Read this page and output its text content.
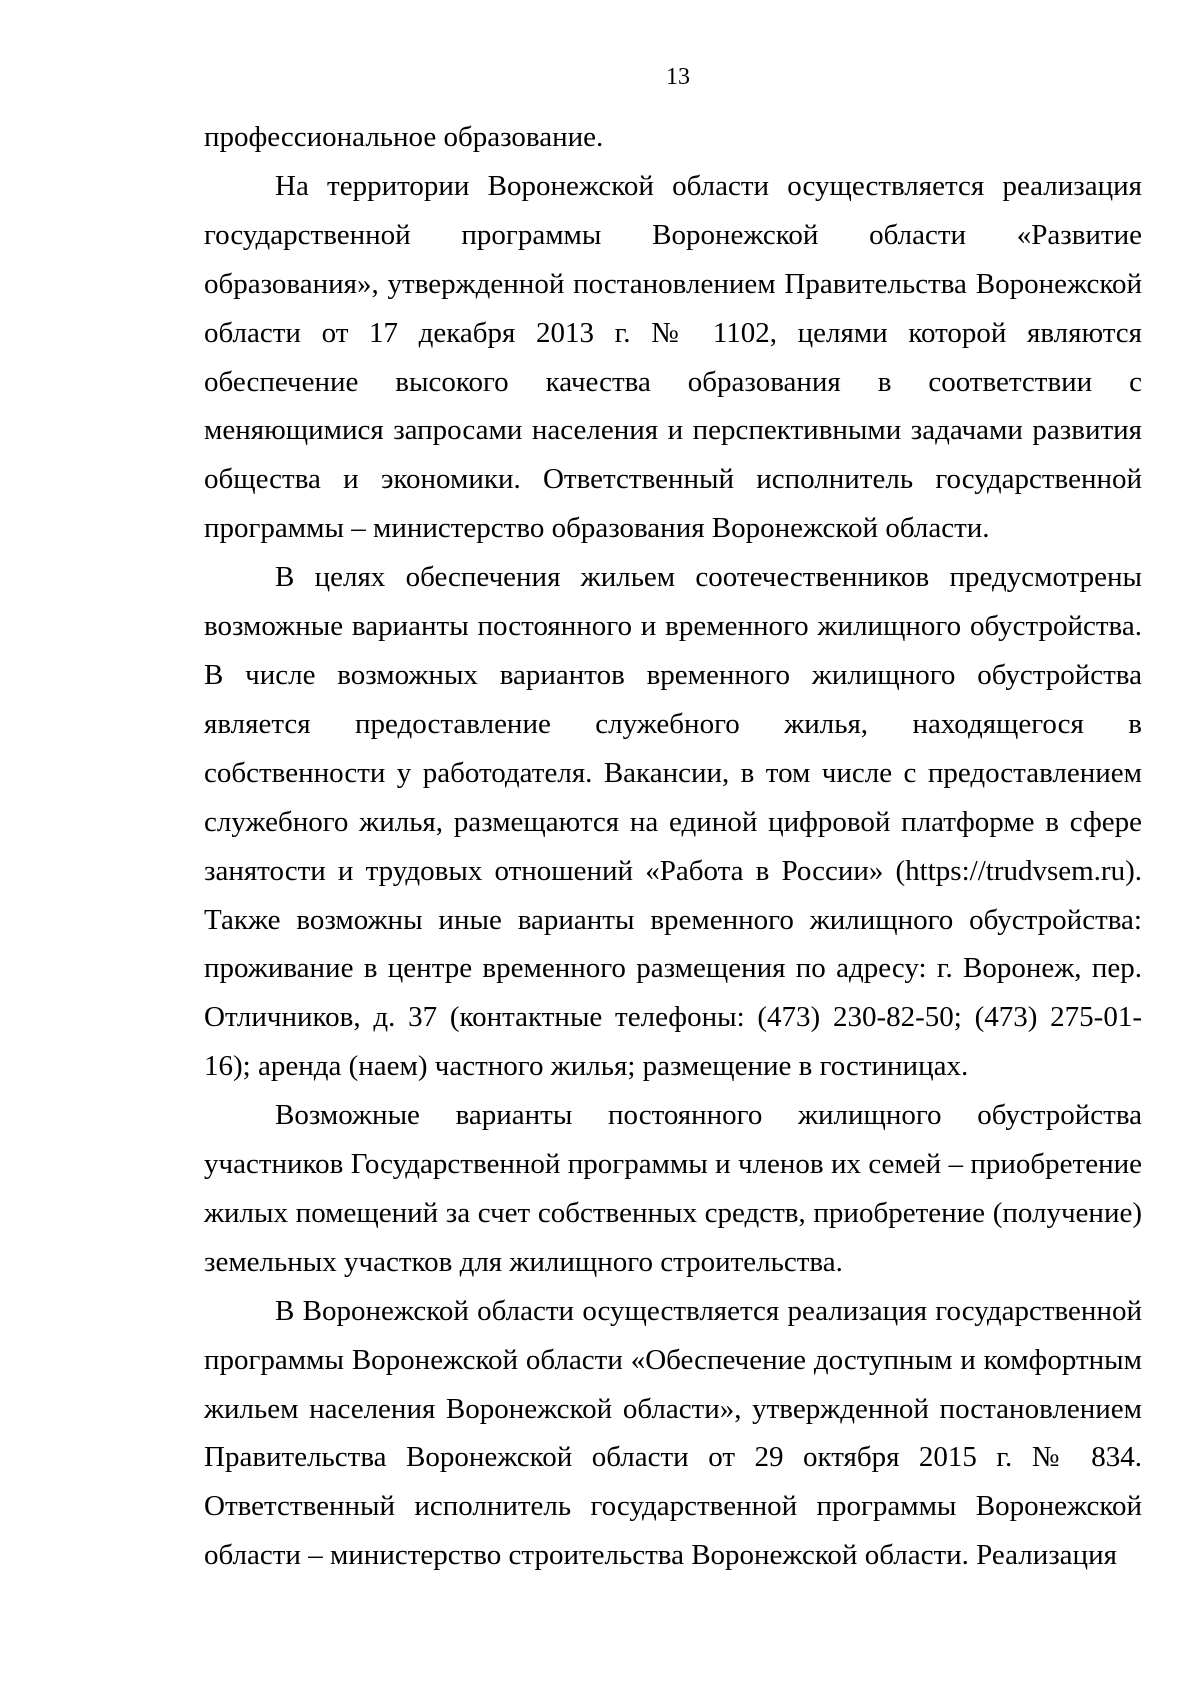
13

профессиональное образование.

На территории Воронежской области осуществляется реализация государственной программы Воронежской области «Развитие образования», утвержденной постановлением Правительства Воронежской области от 17 декабря 2013 г. № 1102, целями которой являются обеспечение высокого качества образования в соответствии с меняющимися запросами населения и перспективными задачами развития общества и экономики. Ответственный исполнитель государственной программы – министерство образования Воронежской области.

В целях обеспечения жильем соотечественников предусмотрены возможные варианты постоянного и временного жилищного обустройства. В числе возможных вариантов временного жилищного обустройства является предоставление служебного жилья, находящегося в собственности у работодателя. Вакансии, в том числе с предоставлением служебного жилья, размещаются на единой цифровой платформе в сфере занятости и трудовых отношений «Работа в России» (https://trudvsem.ru). Также возможны иные варианты временного жилищного обустройства: проживание в центре временного размещения по адресу: г. Воронеж, пер. Отличников, д. 37 (контактные телефоны: (473) 230-82-50; (473) 275-01-16); аренда (наем) частного жилья; размещение в гостиницах.

Возможные варианты постоянного жилищного обустройства участников Государственной программы и членов их семей – приобретение жилых помещений за счет собственных средств, приобретение (получение) земельных участков для жилищного строительства.

В Воронежской области осуществляется реализация государственной программы Воронежской области «Обеспечение доступным и комфортным жильем населения Воронежской области», утвержденной постановлением Правительства Воронежской области от 29 октября 2015 г. № 834. Ответственный исполнитель государственной программы Воронежской области – министерство строительства Воронежской области. Реализация
